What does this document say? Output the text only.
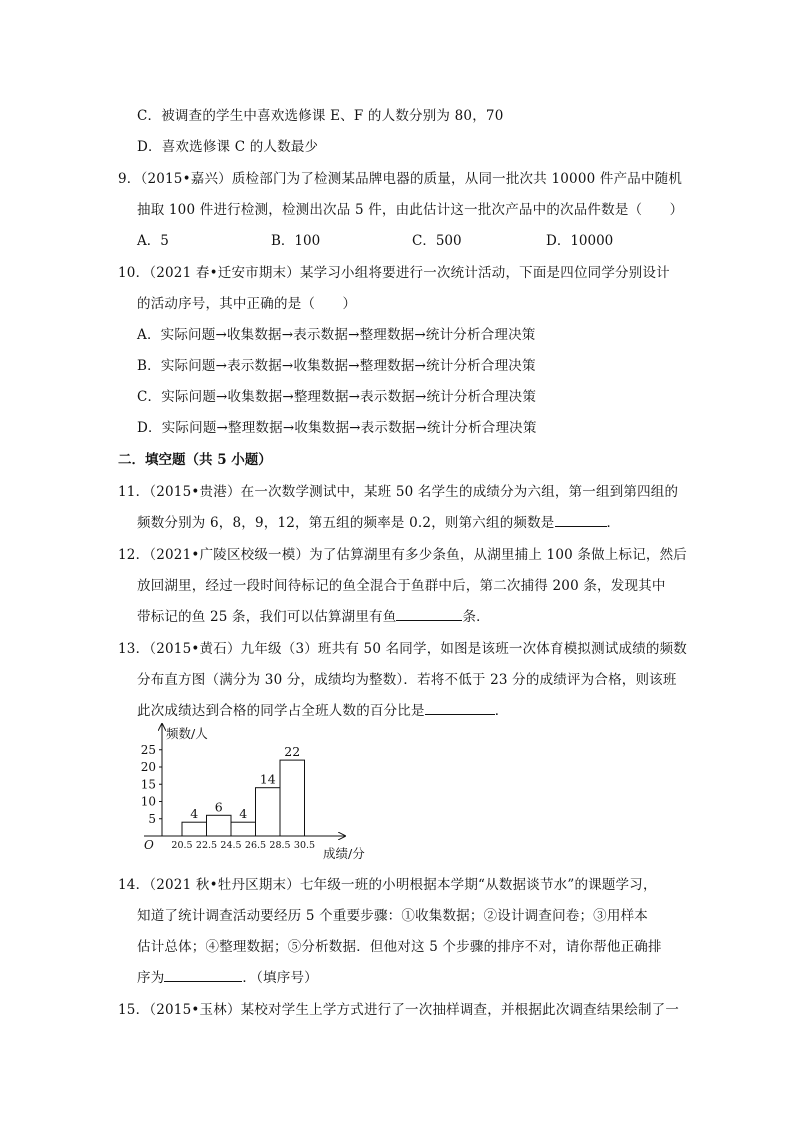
C．被调查的学生中喜欢选修课 E、F 的人数分别为 80，70
D．喜欢选修课 C 的人数最少
9．（2015•嘉兴）质检部门为了检测某品牌电器的质量，从同一批次共 10000 件产品中随机
抽取 100 件进行检测，检测出次品 5 件，由此估计这一批次产品中的次品件数是（　　）
A．5	B．100	C．500	D．10000
10．（2021 春•迁安市期末）某学习小组将要进行一次统计活动，下面是四位同学分别设计
的活动序号，其中正确的是（　　）
A．实际问题→收集数据→表示数据→整理数据→统计分析合理决策
B．实际问题→表示数据→收集数据→整理数据→统计分析合理决策
C．实际问题→收集数据→整理数据→表示数据→统计分析合理决策
D．实际问题→整理数据→收集数据→表示数据→统计分析合理决策
二．填空题（共 5 小题）
11．（2015•贵港）在一次数学测试中，某班 50 名学生的成绩分为六组，第一组到第四组的
频数分别为 6，8，9，12，第五组的频率是 0.2，则第六组的频数是	．
12．（2021•广陵区校级一模）为了估算湖里有多少条鱼，从湖里捕上 100 条做上标记，然后
放回湖里，经过一段时间待标记的鱼全混合于鱼群中后，第二次捕得 200 条，发现其中
带标记的鱼 25 条，我们可以估算湖里有鱼	条．
13．（2015•黄石）九年级（3）班共有 50 名同学，如图是该班一次体育模拟测试成绩的频数
分布直方图（满分为 30 分，成绩均为整数）．若将不低于 23 分的成绩评为合格，则该班
此次成绩达到合格的同学占全班人数的百分比是	．
频数/人
成绩/分
O
5
10
15
20
25
4 6 4
14
22
20.5 22.5 24.5 26.5 28.5 30.5
14．（2021 秋•牡丹区期末）七年级一班的小明根据本学期“从数据谈节水”的课题学习，
知道了统计调查活动要经历 5 个重要步骤：①收集数据；②设计调查问卷；③用样本
估计总体；④整理数据；⑤分析数据．但他对这 5 个步骤的排序不对，请你帮他正确排
序为	．（填序号）
15．（2015•玉林）某校对学生上学方式进行了一次抽样调查，并根据此次调查结果绘制了一
